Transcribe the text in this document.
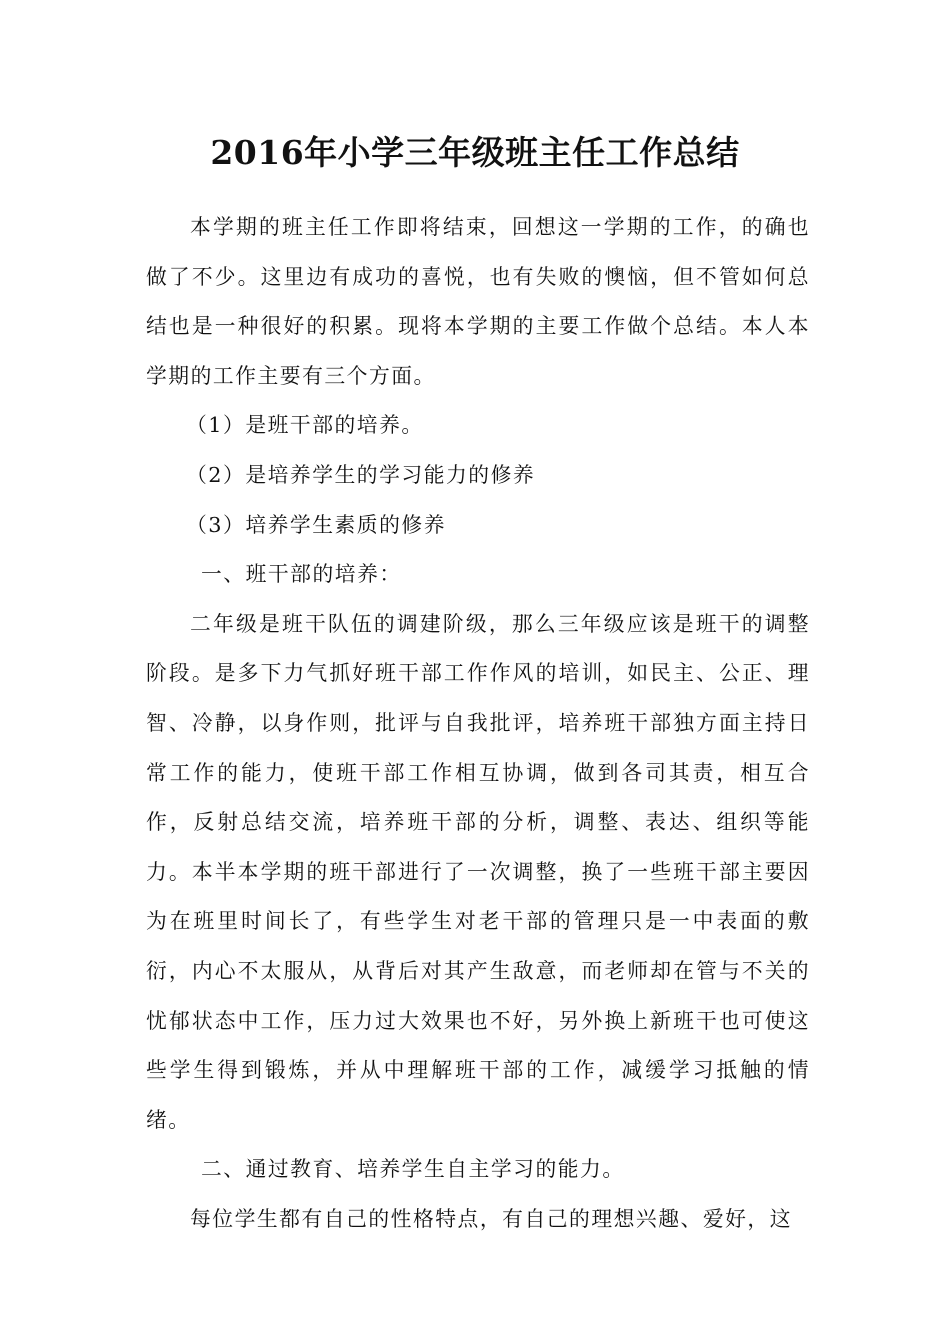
2016年小学三年级班主任工作总结

本学期的班主任工作即将结束，回想这一学期的工作，的确也做了不少。这里边有成功的喜悦，也有失败的懊恼，但不管如何总结也是一种很好的积累。现将本学期的主要工作做个总结。本人本学期的工作主要有三个方面。

（1）是班干部的培养。

（2）是培养学生的学习能力的修养

（3）培养学生素质的修养

一、班干部的培养：

二年级是班干队伍的调建阶级，那么三年级应该是班干的调整阶段。是多下力气抓好班干部工作作风的培训，如民主、公正、理智、冷静，以身作则，批评与自我批评，培养班干部独方面主持日常工作的能力，使班干部工作相互协调，做到各司其责，相互合作，反射总结交流，培养班干部的分析，调整、表达、组织等能力。本半本学期的班干部进行了一次调整，换了一些班干部主要因为在班里时间长了，有些学生对老干部的管理只是一中表面的敷衍，内心不太服从，从背后对其产生敌意，而老师却在管与不关的忧郁状态中工作，压力过大效果也不好，另外换上新班干也可使这些学生得到锻炼，并从中理解班干部的工作，减缓学习抵触的情绪。

二、通过教育、培养学生自主学习的能力。

每位学生都有自己的性格特点，有自己的理想兴趣、爱好，这
